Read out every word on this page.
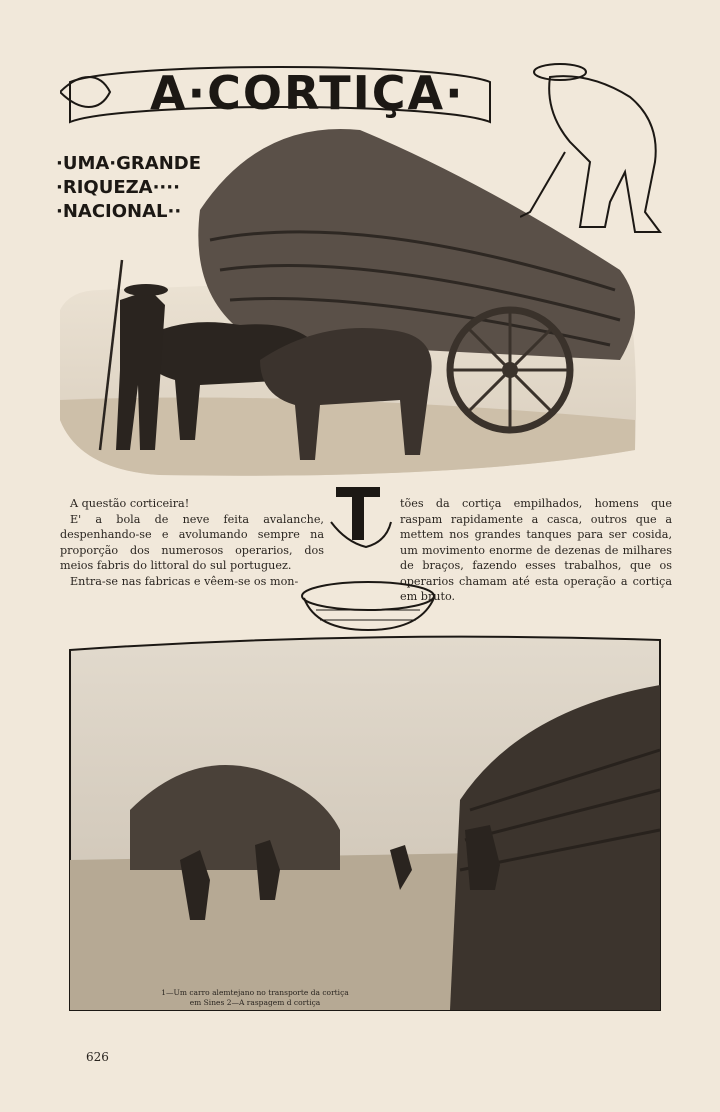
A·CORTIÇA·
·UMA·GRANDE
·RIQUEZA····
·NACIONAL··

A questão corticeira!

E' a bola de neve feita avalanche, despenhando-se e avolumando sempre na proporção dos numerosos operarios, dos meios fabris do littoral do sul portuguez.

Entra-se nas fabricas e vêem-se os mon-

tões da cortiça empilhados, homens que raspam rapidamente a casca, outros que a mettem nos grandes tanques para ser cosida, um movimento enorme de dezenas de milhares de braços, fazendo esses trabalhos, que os operarios chamam até esta operação a cortiça em bruto.

1—Um carro alemtejano no transporte da cortiça
em Sines 2—A raspagem d cortiça
626
